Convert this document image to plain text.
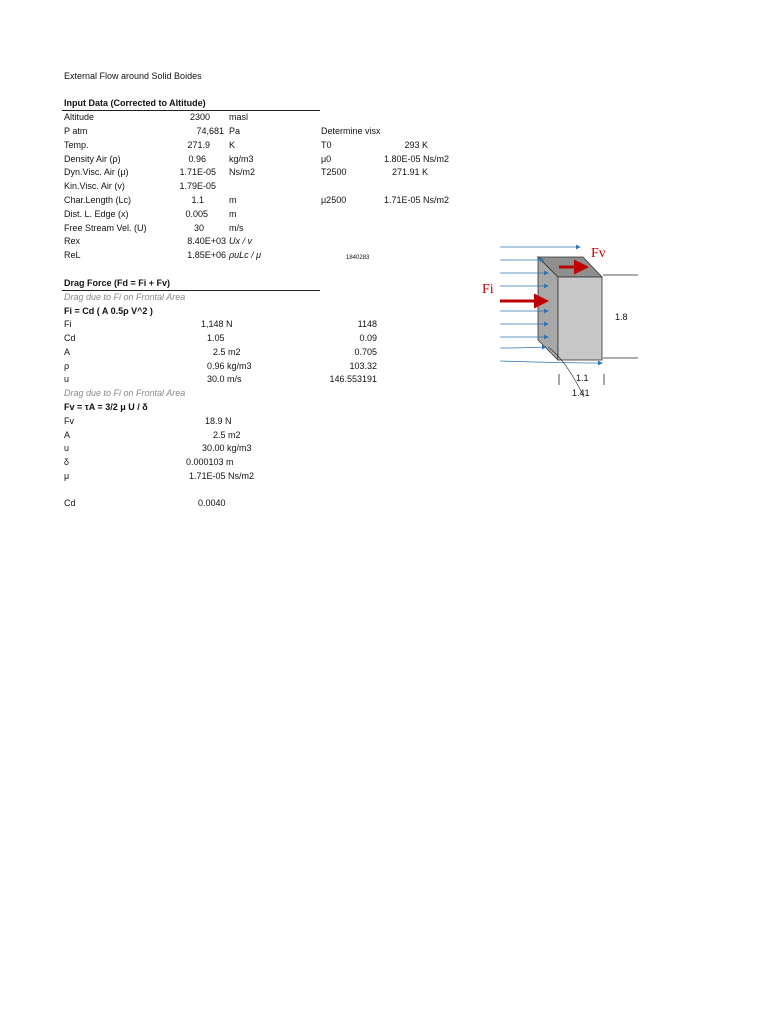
External Flow around Solid Boides
Input Data (Corrected to Altitude)
Altitude	2300 masl
P atm	74,681 Pa
Temp.	271.9 K
Density Air (ρ)	0.96	kg/m3
Dyn.Visc. Air (μ)	1.71E-05 Ns/m2
Kin.Visc. Air (v)	1.79E-05
Char.Length (Lc)	1.1	m
Dist. L. Edge (x)	0.005 m
Free Stream Vel. (U)	30	m/s
Rex	8.40E+03 Ux / v
ReL	1.85E+06 ρuLc / μ
Determine visx
T0	293 K
μ0	1.80E-05 Ns/m2
T2500	271.91 K
μ2500	1.71E-05 Ns/m2
1840283
Drag Force (Fd = Fi + Fv)
Drag due to Fi on Frontal Area
Fi = Cd ( A 0.5ρ V^2 )
Fi	1,148 N	1148
Cd	1.05	0.09
A	2.5 m2	0.705
ρ	0.96 kg/m3	103.32
u	30.0 m/s	146.553191
Drag due to Fi on Frontal Area
Fv = τA = 3/2 μ U / δ
Fv	18.9 N
A	2.5 m2
u	30.00 kg/m3
δ	0.000103 m
μ	1.71E-05 Ns/m2
Cd	0.0040
Fv
Fi
1.8
1.1
1.41
